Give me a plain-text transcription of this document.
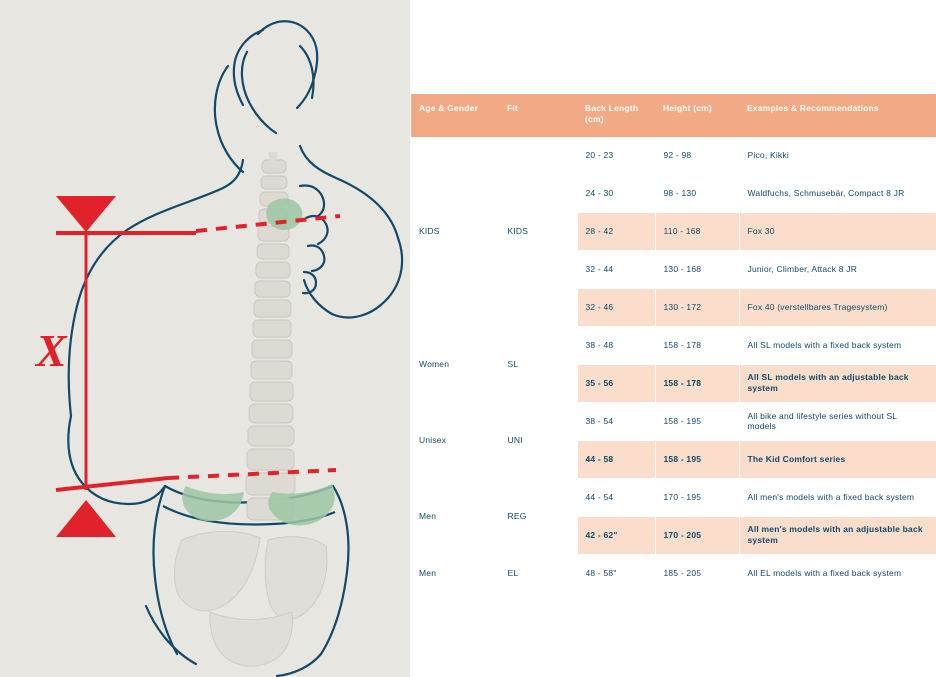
X
Age & Gender	Fit	Back Length (cm)	Height (cm)	Examples & Recommendations
KIDS	KIDS	20 - 23	92 - 98	Pico, Kikki
		24 - 30	98 - 130	Waldfuchs, Schmusebär, Compact 8 JR
		28 - 42	110 - 168	Fox 30
		32 - 44	130 - 168	Junior, Climber, Attack 8 JR
		32 - 46	130 - 172	Fox 40 (verstellbares Tragesystem)
Women	SL	38 - 48	158 - 178	All SL models with a fixed back system
		35 - 56	158 - 178	All SL models with an adjustable back system
Unisex	UNI	38 - 54	158 - 195	All bike and lifestyle series without SL models
		44 - 58	158 - 195	The Kid Comfort series
Men	REG	44 - 54	170 - 195	All men's models with a fixed back system
		42 - 62"	170 - 205	All men's models with an adjustable back system
Men	EL	48 - 58"	185 - 205	All EL models with a fixed back system
